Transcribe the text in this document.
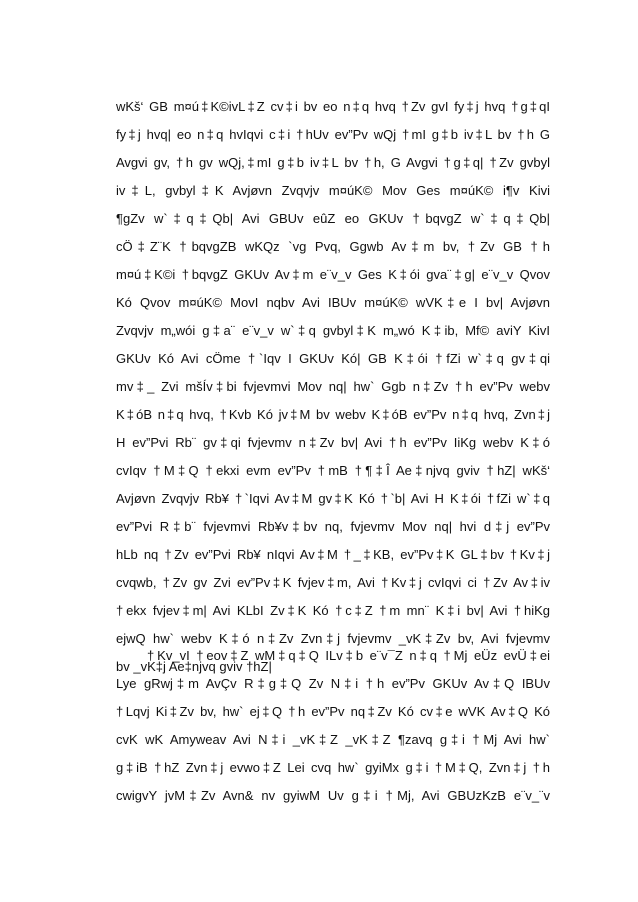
wKš‘ GB m¤ú‡K©ivL‡Z cv‡i bv eo n‡q hvq †Zv gvI fy‡j hvq †g‡qI
fy‡j hvq| eo n‡q hvIqvi c‡i †hUv ev”Pv wQj †mI g‡b iv‡L bv †h G
Avgvi gv, †h gv wQj,‡mI g‡b iv‡L bv †h, G Avgvi †g‡q| †Zv gvbyl
iv‡L, gvbyl‡K Avjøvn Zvqvjv m¤úK© Mov Ges m¤úK© i¶v Kivi
¶gZv w`‡q‡Qb| Avi GBUv eûZ eo GKUv †bqvgZ w`‡q‡Qb|
cÖ‡Z¨K †bqvgZB wKQz `vg Pvq, Ggwb Av‡m bv, †Zv GB †h
m¤ú‡K©i †bqvgZ GKUv Av‡m e¨v_v Ges K‡ói gva¨‡g| e¨v_v Qvov
Kó Qvov m¤úK© MovI nqbv Avi IBUv m¤úK© wVK‡e I bv| Avjøvn
Zvqvjv m„wói g‡a¨ e¨v_v w`‡q gvbyl‡K m„wó K‡ib, Mf© aviY KivI
GKUv Kó Avi cÖme †`Iqv I GKUv Kó| GB K‡ói †fZi w`‡q gv‡qi
mv‡_ Zvi mšÍv‡bi fvjevmvi Mov nq| hw` Ggb n‡Zv †h ev”Pv webv
K‡óB n‡q hvq, †Kvb Kó jv‡M bv webv K‡óB ev”Pv n‡q hvq, Zvn‡j
H ev”Pvi Rb¨ gv‡qi fvjevmv n‡Zv bv| Avi †h ev”Pv IiKg webv K‡ó
cvIqv †M‡Q †ekxi evm ev”Pv †mB †¶‡Î Ae‡njvq gviv †hZ| wKš‘
Avjøvn Zvqvjv Rb¥ †`Iqvi Av‡M gv‡K Kó †`b| Avi H K‡ói †fZi w`‡q
ev”Pvi R‡b¨ fvjevmvi Rb¥v‡bv nq, fvjevmv Mov nq| hvi d‡j ev”Pv
hLb nq †Zv ev”Pvi Rb¥ nIqvi Av‡M †_‡KB, ev”Pv‡K GL‡bv †Kv‡j
cvqwb, †Zv gv Zvi ev”Pv‡K fvjev‡m, Avi †Kv‡j cvIqvi ci †Zv Av‡iv
†ekx fvjev‡m| Avi KLbI Zv‡K Kó †c‡Z †m mn¨ K‡i bv| Avi †hiKg
ejwQ hw` webv K‡ó n‡Zv Zvn‡j fvjevmv _vK‡Zv bv, Avi fvjevmv
bv _vK‡j Ae‡njvq gviv †hZ|
†Kv_vI †eov‡Z wM‡q‡Q ILv‡b e¨v¯Z n‡q †Mj eÜz evÜ‡ei
Lye gRwj‡m AvÇv R‡g‡Q Zv N‡i †h ev”Pv GKUv Av‡Q IBUv
†Lqvj Ki‡Zv bv, hw` ej‡Q †h ev”Pv nq‡Zv Kó cv‡e wVK Av‡Q Kó
cvK wK Amyweav Avi N‡i _vK‡Z _vK‡Z ¶zavq g‡i †Mj Avi hw`
g‡iB †hZ Zvn‡j evwo‡Z Lei cvq hw` gyiMx g‡i †M‡Q, Zvn‡j †h
cwigvY jvM‡Zv Avn& nv gyiwM Uv g‡i †Mj, Avi GBUzKzB e¨v_¨v
